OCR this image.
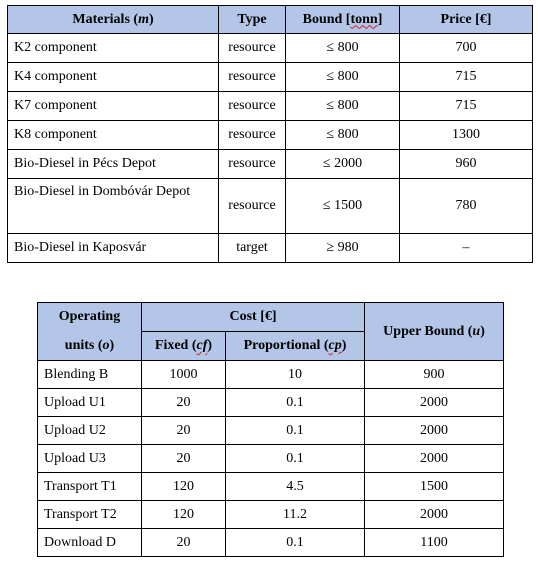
Materials (m)	Type	Bound [tonn]	Price [€]
K2 component	resource	≤ 800	700
K4 component	resource	≤ 800	715
K7 component	resource	≤ 800	715
K8 component	resource	≤ 800	1300
Bio-Diesel in Pécs Depot	resource	≤ 2000	960
Bio-Diesel in Dombóvár Depot	resource	≤ 1500	780
Bio-Diesel in Kaposvár	target	≥ 980	–
Operating	Cost [€]		Upper Bound (u)
units (o)	Fixed (cf)	Proportional (cp)	
Blending B	1000	10	900
Upload U1	20	0.1	2000
Upload U2	20	0.1	2000
Upload U3	20	0.1	2000
Transport T1	120	4.5	1500
Transport T2	120	11.2	2000
Download D	20	0.1	1100
